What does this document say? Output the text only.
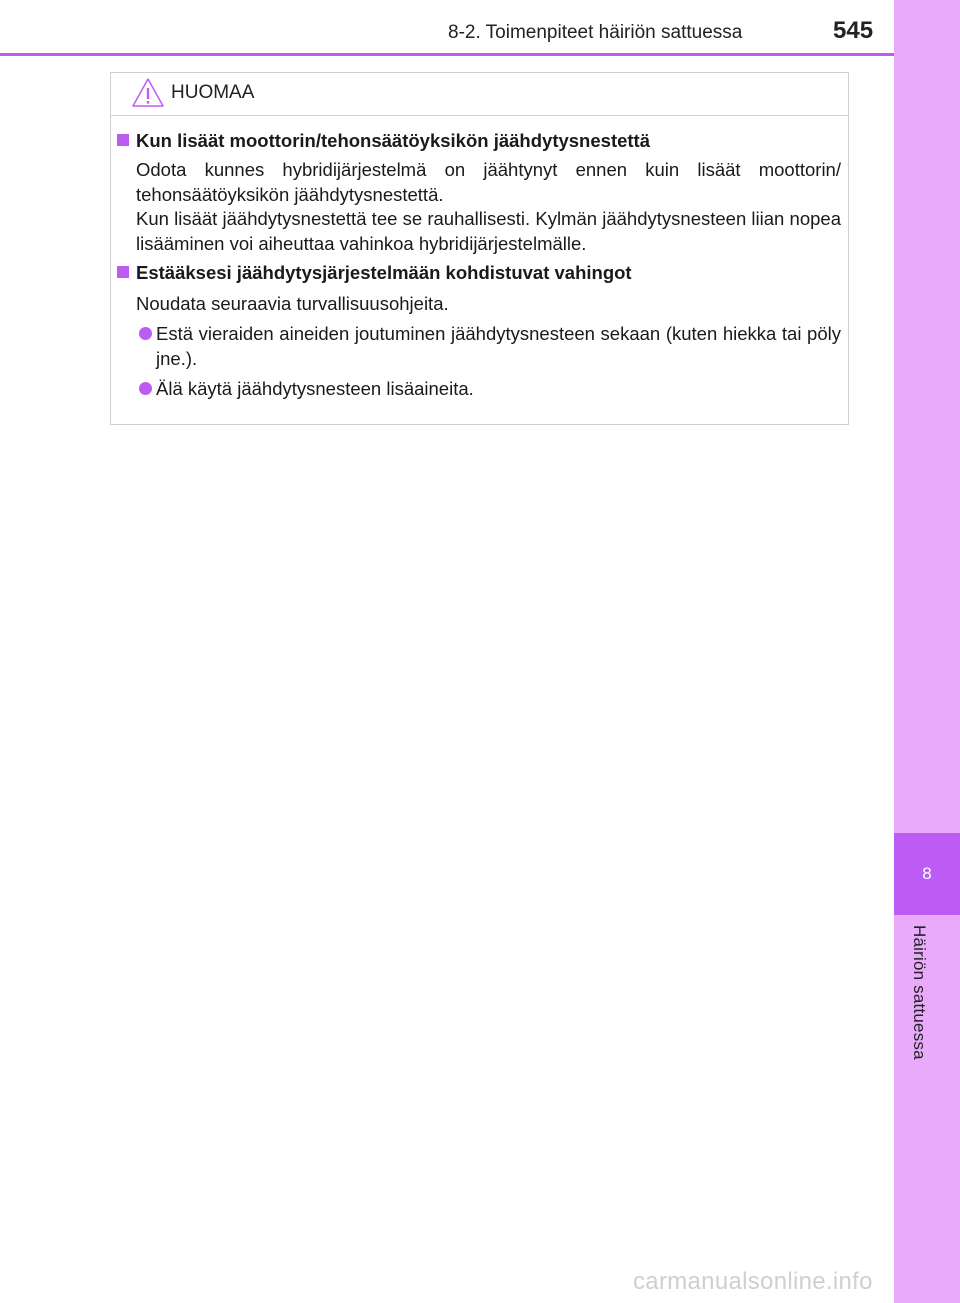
8
Häiriön sattuessa
8-2. Toimenpiteet häiriön sattuessa	545
HUOMAA
Kun lisäät moottorin/tehonsäätöyksikön jäähdytysnestettä
Odota kunnes hybridijärjestelmä on jäähtynyt ennen kuin lisäät moottorin/ tehonsäätöyksikön jäähdytysnestettä.
Kun lisäät jäähdytysnestettä tee se rauhallisesti. Kylmän jäähdytysnesteen liian nopea lisääminen voi aiheuttaa vahinkoa hybridijärjestelmälle.
Estääksesi jäähdytysjärjestelmään kohdistuvat vahingot
Noudata seuraavia turvallisuusohjeita.
Estä vieraiden aineiden joutuminen jäähdytysnesteen sekaan (kuten hiekka tai pöly jne.).
Älä käytä jäähdytysnesteen lisäaineita.
carmanualsonline.info
